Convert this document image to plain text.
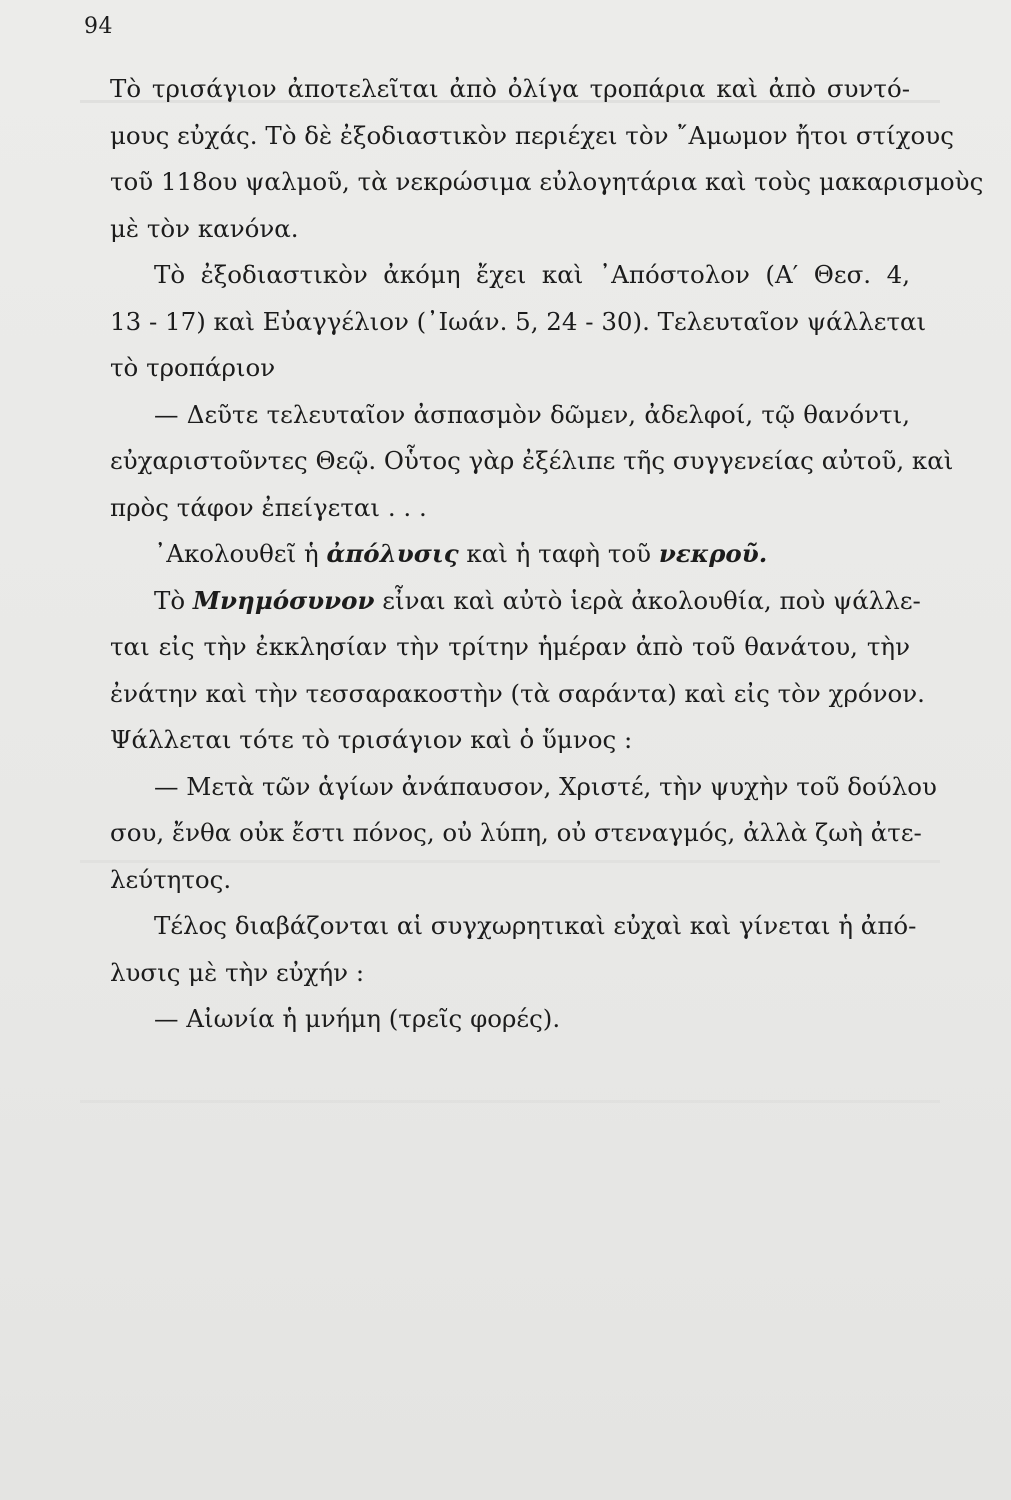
94
Τὸ τρισάγιον ἀποτελεῖται ἀπὸ ὀλίγα τροπάρια καὶ ἀπὸ συντό-
μους εὐχάς. Τὸ δὲ ἐξοδιαστικὸν περιέχει τὸν ῎Αμωμον ἤτοι στίχους
τοῦ 118ου ψαλμοῦ, τὰ νεκρώσιμα εὐλογητάρια καὶ τοὺς μακαρισμοὺς
μὲ τὸν κανόνα.
Τὸ ἐξοδιαστικὸν ἀκόμη ἔχει καὶ ᾿Απόστολον (Α′ Θεσ. 4,
13 - 17) καὶ Εὐαγγέλιον (᾿Ιωάν. 5, 24 - 30). Τελευταῖον ψάλλεται
τὸ τροπάριον
— Δεῦτε τελευταῖον ἀσπασμὸν δῶμεν, ἀδελφοί, τῷ θανόντι,
εὐχαριστοῦντες Θεῷ. Οὗτος γὰρ ἐξέλιπε τῆς συγγενείας αὐτοῦ, καὶ
πρὸς τάφον ἐπείγεται . . .
᾿Ακολουθεῖ ἡ ἀπόλυσις καὶ ἡ ταφὴ τοῦ νεκροῦ.
Τὸ Μνημόσυνον εἶναι καὶ αὐτὸ ἱερὰ ἀκολουθία, ποὺ ψάλλε-
ται εἰς τὴν ἐκκλησίαν τὴν τρίτην ἡμέραν ἀπὸ τοῦ θανάτου, τὴν
ἐνάτην καὶ τὴν τεσσαρακοστὴν (τὰ σαράντα) καὶ εἰς τὸν χρόνον.
Ψάλλεται τότε τὸ τρισάγιον καὶ ὁ ὕμνος :
— Μετὰ τῶν ἁγίων ἀνάπαυσον, Χριστέ, τὴν ψυχὴν τοῦ δούλου
σου, ἔνθα οὐκ ἔστι πόνος, οὐ λύπη, οὐ στεναγμός, ἀλλὰ ζωὴ ἀτε-
λεύτητος.
Τέλος διαβάζονται αἱ συγχωρητικαὶ εὐχαὶ καὶ γίνεται ἡ ἀπό-
λυσις μὲ τὴν εὐχήν :
— Αἰωνία ἡ μνήμη (τρεῖς φορές).
